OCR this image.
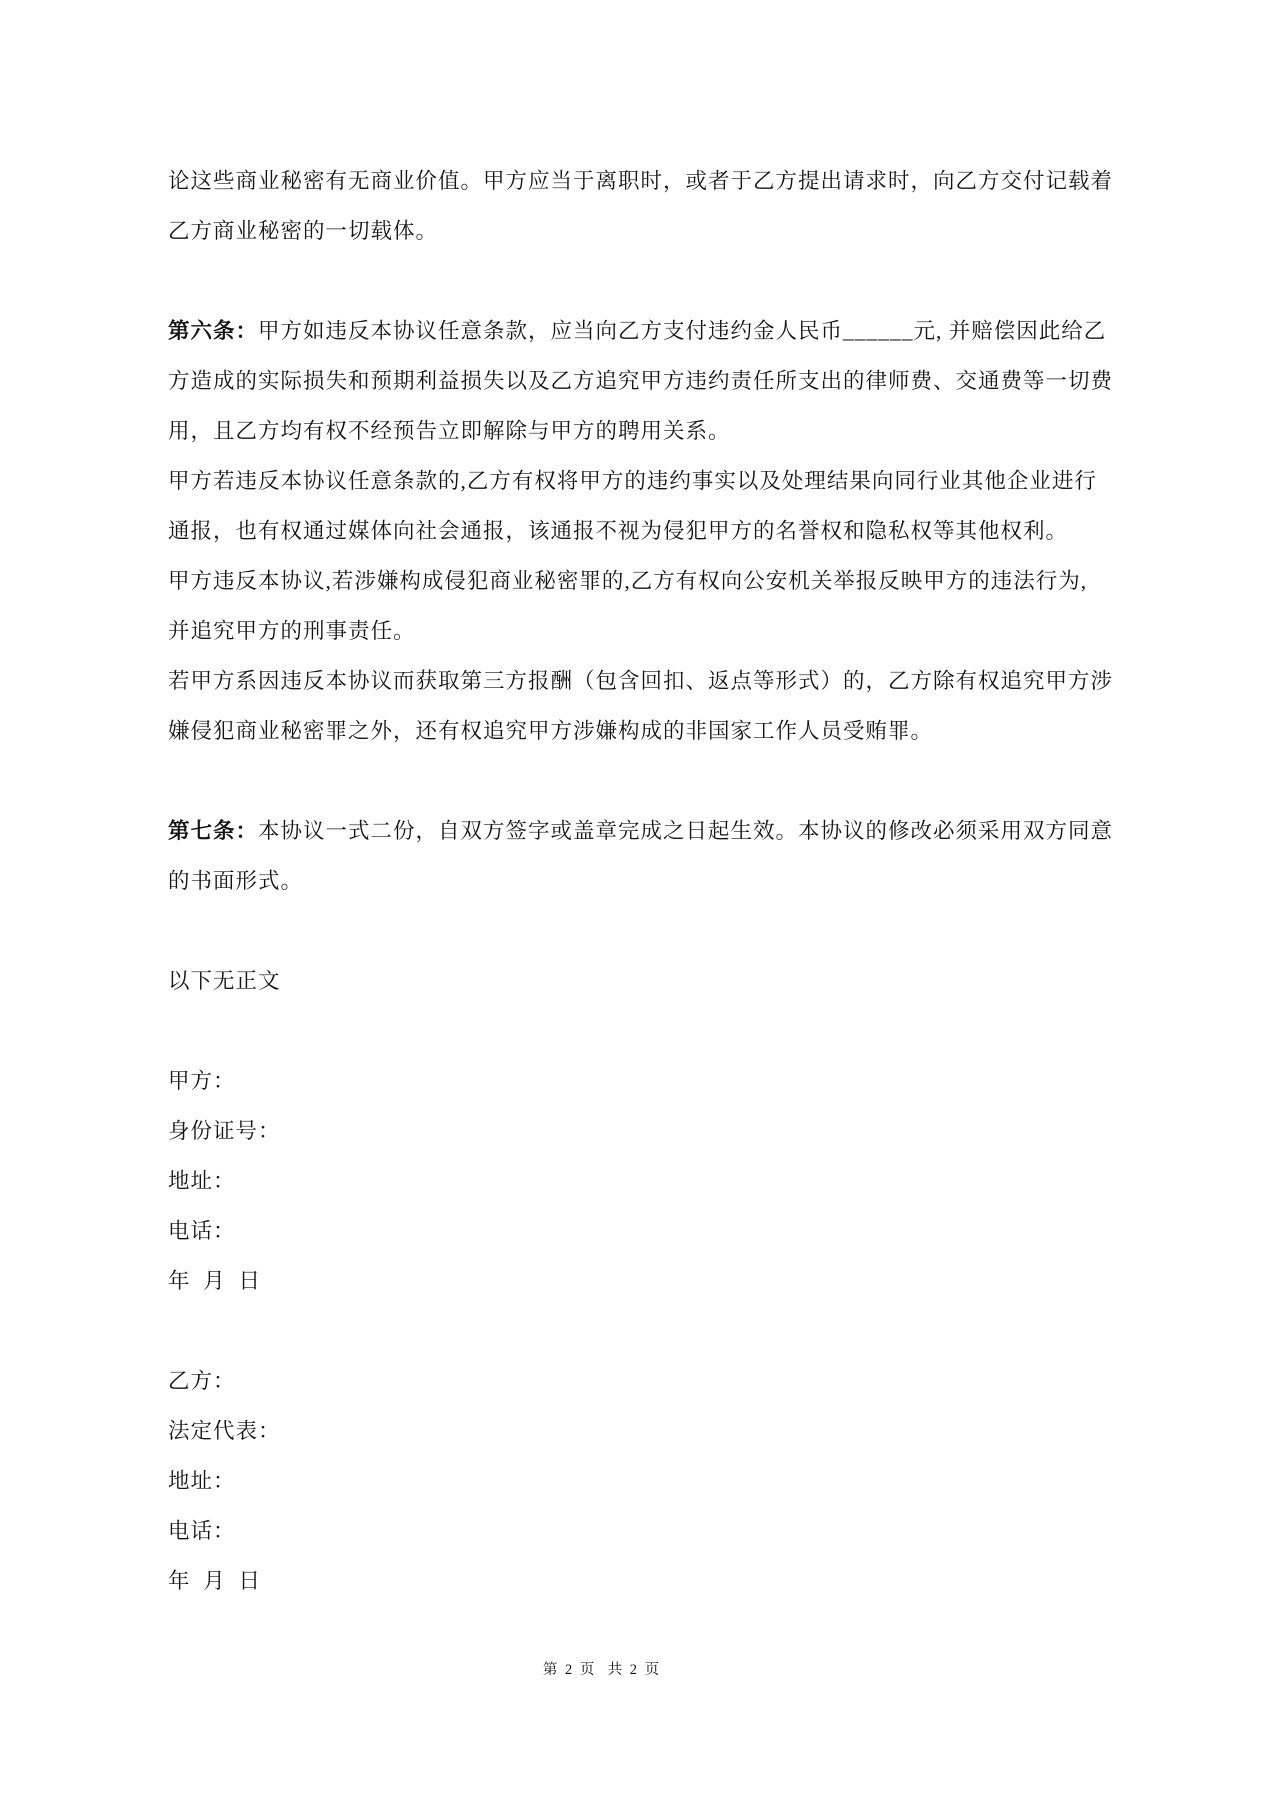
论这些商业秘密有无商业价值。甲方应当于离职时，或者于乙方提出请求时，向乙方交付记载着
乙方商业秘密的一切载体。
第六条：甲方如违反本协议任意条款，应当向乙方支付违约金人民币______元, 并赔偿因此给乙
方造成的实际损失和预期利益损失以及乙方追究甲方违约责任所支出的律师费、交通费等一切费
用，且乙方均有权不经预告立即解除与甲方的聘用关系。
甲方若违反本协议任意条款的,乙方有权将甲方的违约事实以及处理结果向同行业其他企业进行
通报，也有权通过媒体向社会通报，该通报不视为侵犯甲方的名誉权和隐私权等其他权利。
甲方违反本协议,若涉嫌构成侵犯商业秘密罪的,乙方有权向公安机关举报反映甲方的违法行为,
并追究甲方的刑事责任。
若甲方系因违反本协议而获取第三方报酬（包含回扣、返点等形式）的，乙方除有权追究甲方涉
嫌侵犯商业秘密罪之外，还有权追究甲方涉嫌构成的非国家工作人员受贿罪。
第七条：本协议一式二份，自双方签字或盖章完成之日起生效。本协议的修改必须采用双方同意
的书面形式。
以下无正文
甲方：
身份证号：
地址：
电话：
年  月  日
乙方：
法定代表：
地址：
电话：
年  月  日
第 2 页  共 2 页
